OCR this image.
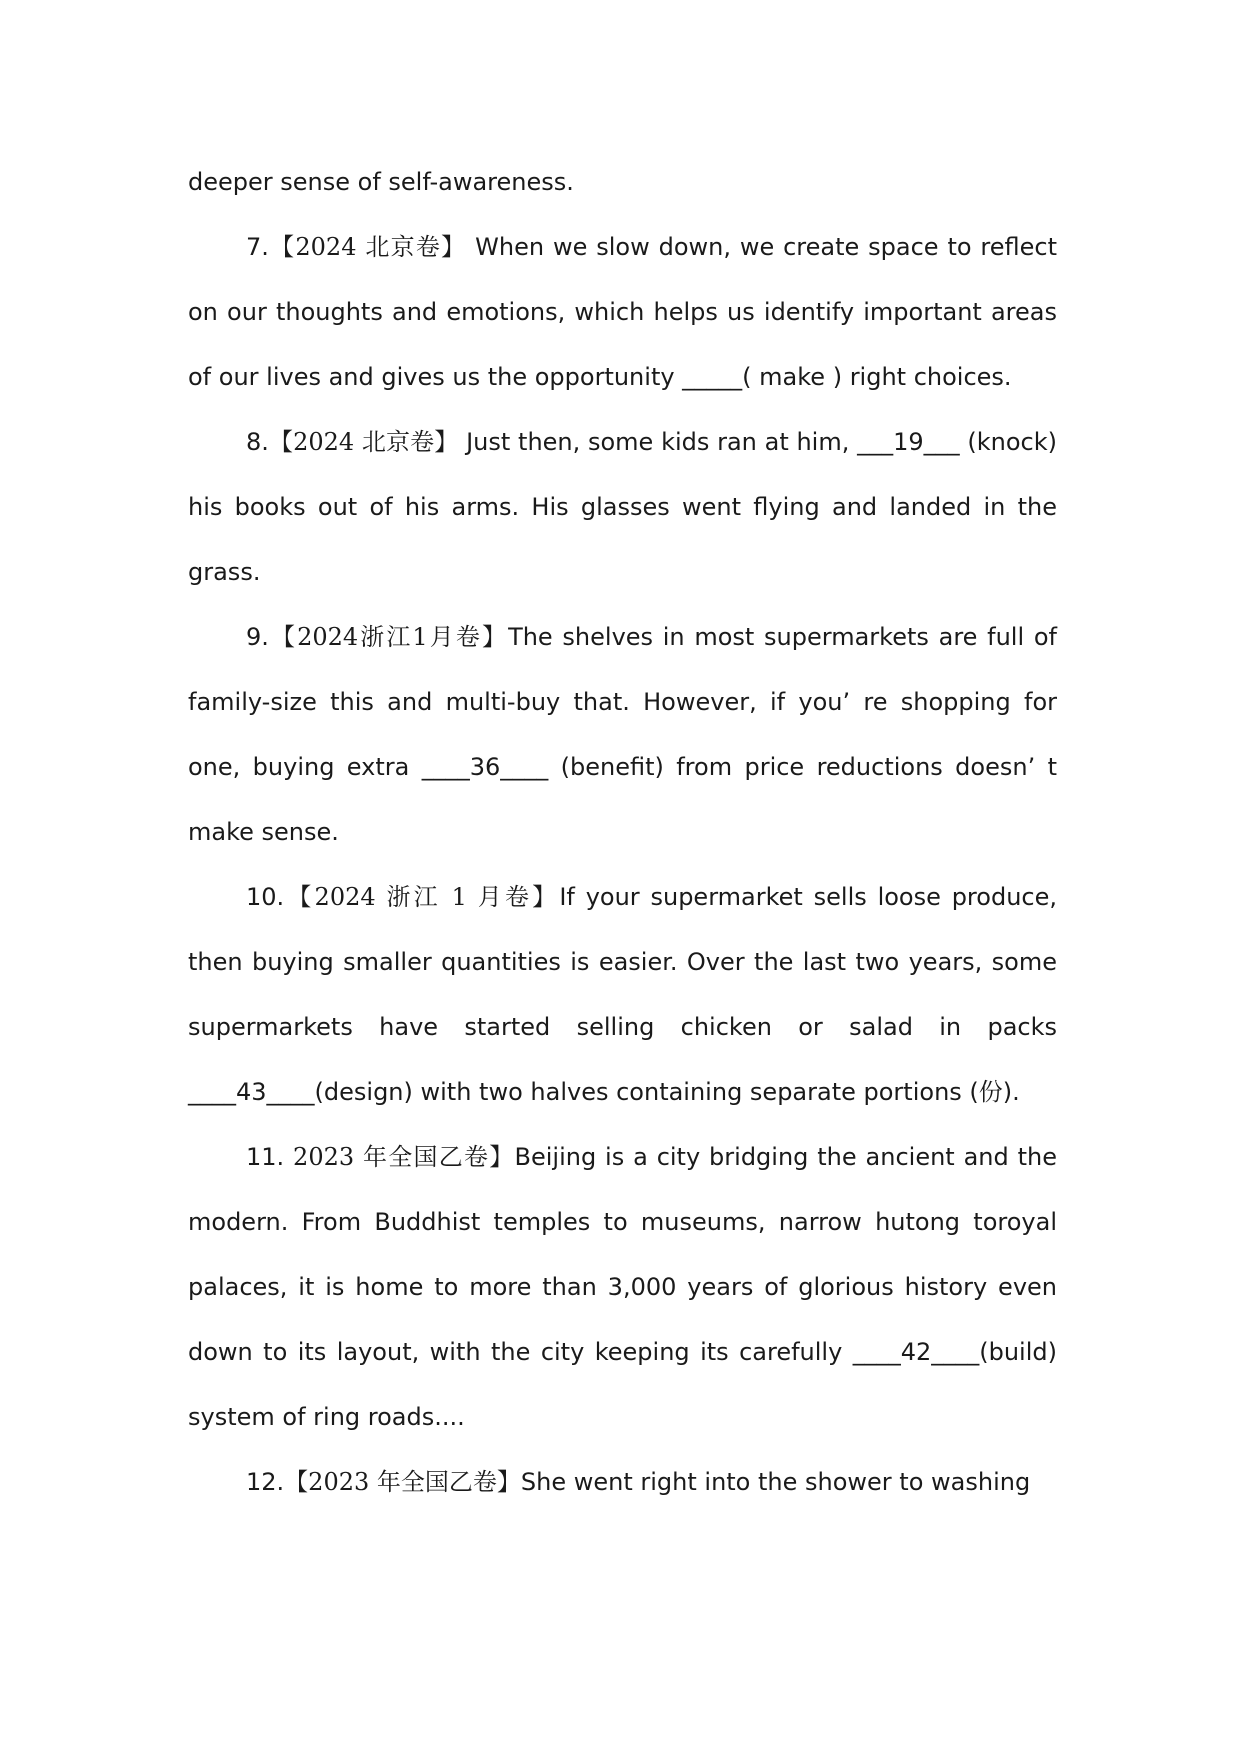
deeper sense of self-awareness.

7.【2024 北京卷】 When we slow down, we create space to reflect on our thoughts and emotions, which helps us identify important areas of our lives and gives us the opportunity _____( make ) right choices.

8.【2024 北京卷】 Just then, some kids ran at him, ___19___ (knock) his books out of his arms. His glasses went flying and landed in the grass.

9.【2024浙江1月卷】The shelves in most supermarkets are full of family-size this and multi-buy that. However, if you’ re shopping for one, buying extra ____36____ (benefit) from price reductions doesn’ t make sense.

10.【2024 浙江 1 月卷】If your supermarket sells loose produce, then buying smaller quantities is easier. Over the last two years, some supermarkets have started selling chicken or salad in packs ____43____(design) with two halves containing separate portions (份).

11. 2023 年全国乙卷】Beijing is a city bridging the ancient and the modern. From Buddhist temples to museums, narrow hutong toroyal palaces, it is home to more than 3,000 years of glorious history even down to its layout, with the city keeping its carefully ____42____(build) system of ring roads....

12.【2023 年全国乙卷】She went right into the shower to washing
